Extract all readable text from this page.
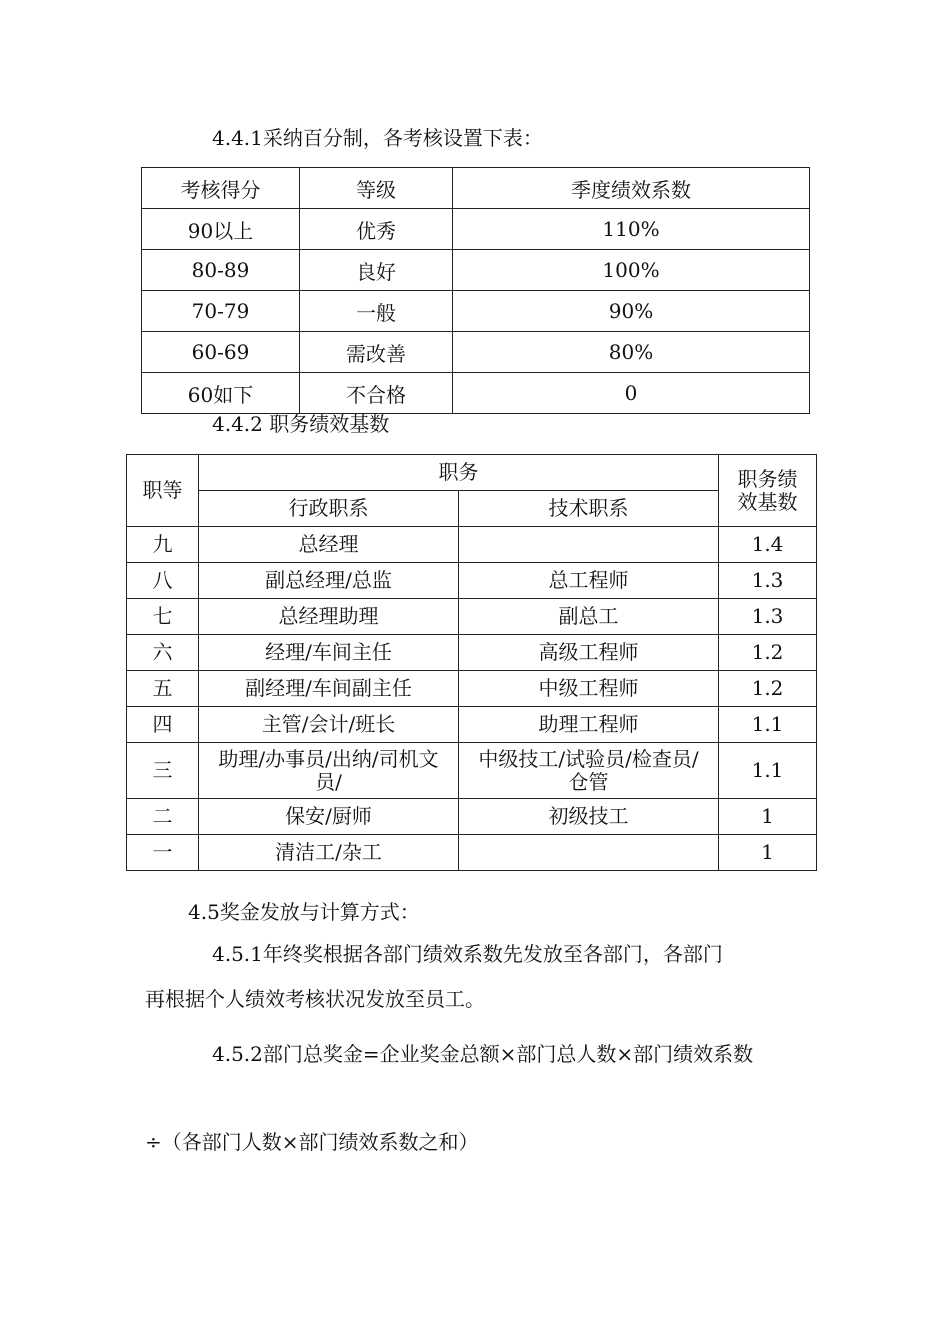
4.4.1采纳百分制，各考核设置下表：
考核得分	等级	季度绩效系数
90以上	优秀	110%
80-89	良好	100%
70-79	一般	90%
60-69	需改善	80%
60如下	不合格	0
4.4.2 职务绩效基数
职等	职务		职务绩效基数
	行政职系	技术职系	
九	总经理		1.4
八	副总经理/总监	总工程师	1.3
七	总经理助理	副总工	1.3
六	经理/车间主任	高级工程师	1.2
五	副经理/车间副主任	中级工程师	1.2
四	主管/会计/班长	助理工程师	1.1
三	助理/办事员/出纳/司机文员/	中级技工/试验员/检查员/仓管	1.1
二	保安/厨师	初级技工	1
一	清洁工/杂工		1
4.5奖金发放与计算方式：
4.5.1年终奖根据各部门绩效系数先发放至各部门，各部门
再根据个人绩效考核状况发放至员工。
4.5.2部门总奖金=企业奖金总额×部门总人数×部门绩效系数
÷（各部门人数×部门绩效系数之和）
